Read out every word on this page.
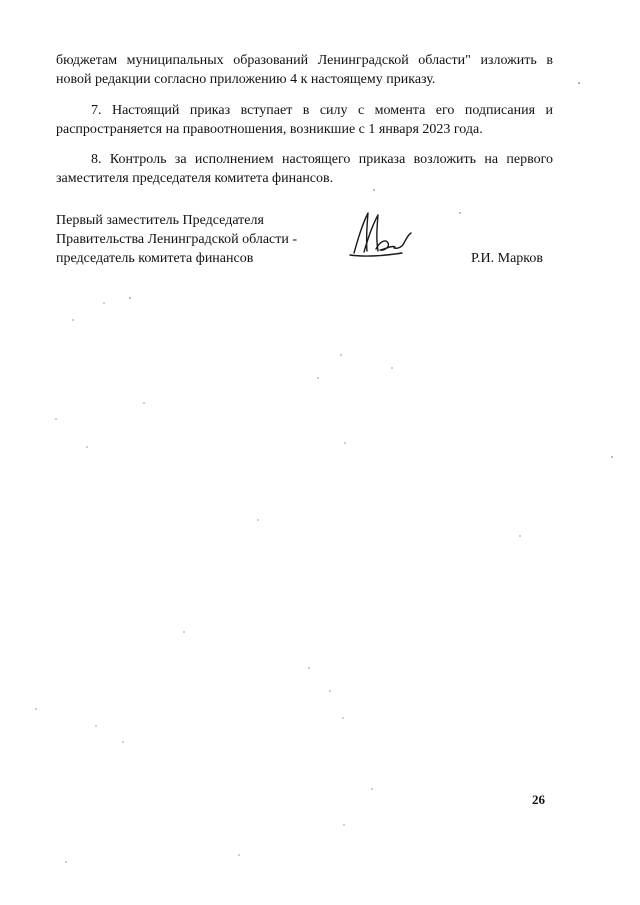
бюджетам муниципальных образований Ленинградской области" изложить в новой редакции согласно приложению 4 к настоящему приказу.
7. Настоящий приказ вступает в силу с момента его подписания и распространяется на правоотношения, возникшие с 1 января 2023 года.
8. Контроль за исполнением настоящего приказа возложить на первого заместителя председателя комитета финансов.
Первый заместитель Председателя
Правительства Ленинградской области -
председатель комитета финансов	Р.И. Марков
26
